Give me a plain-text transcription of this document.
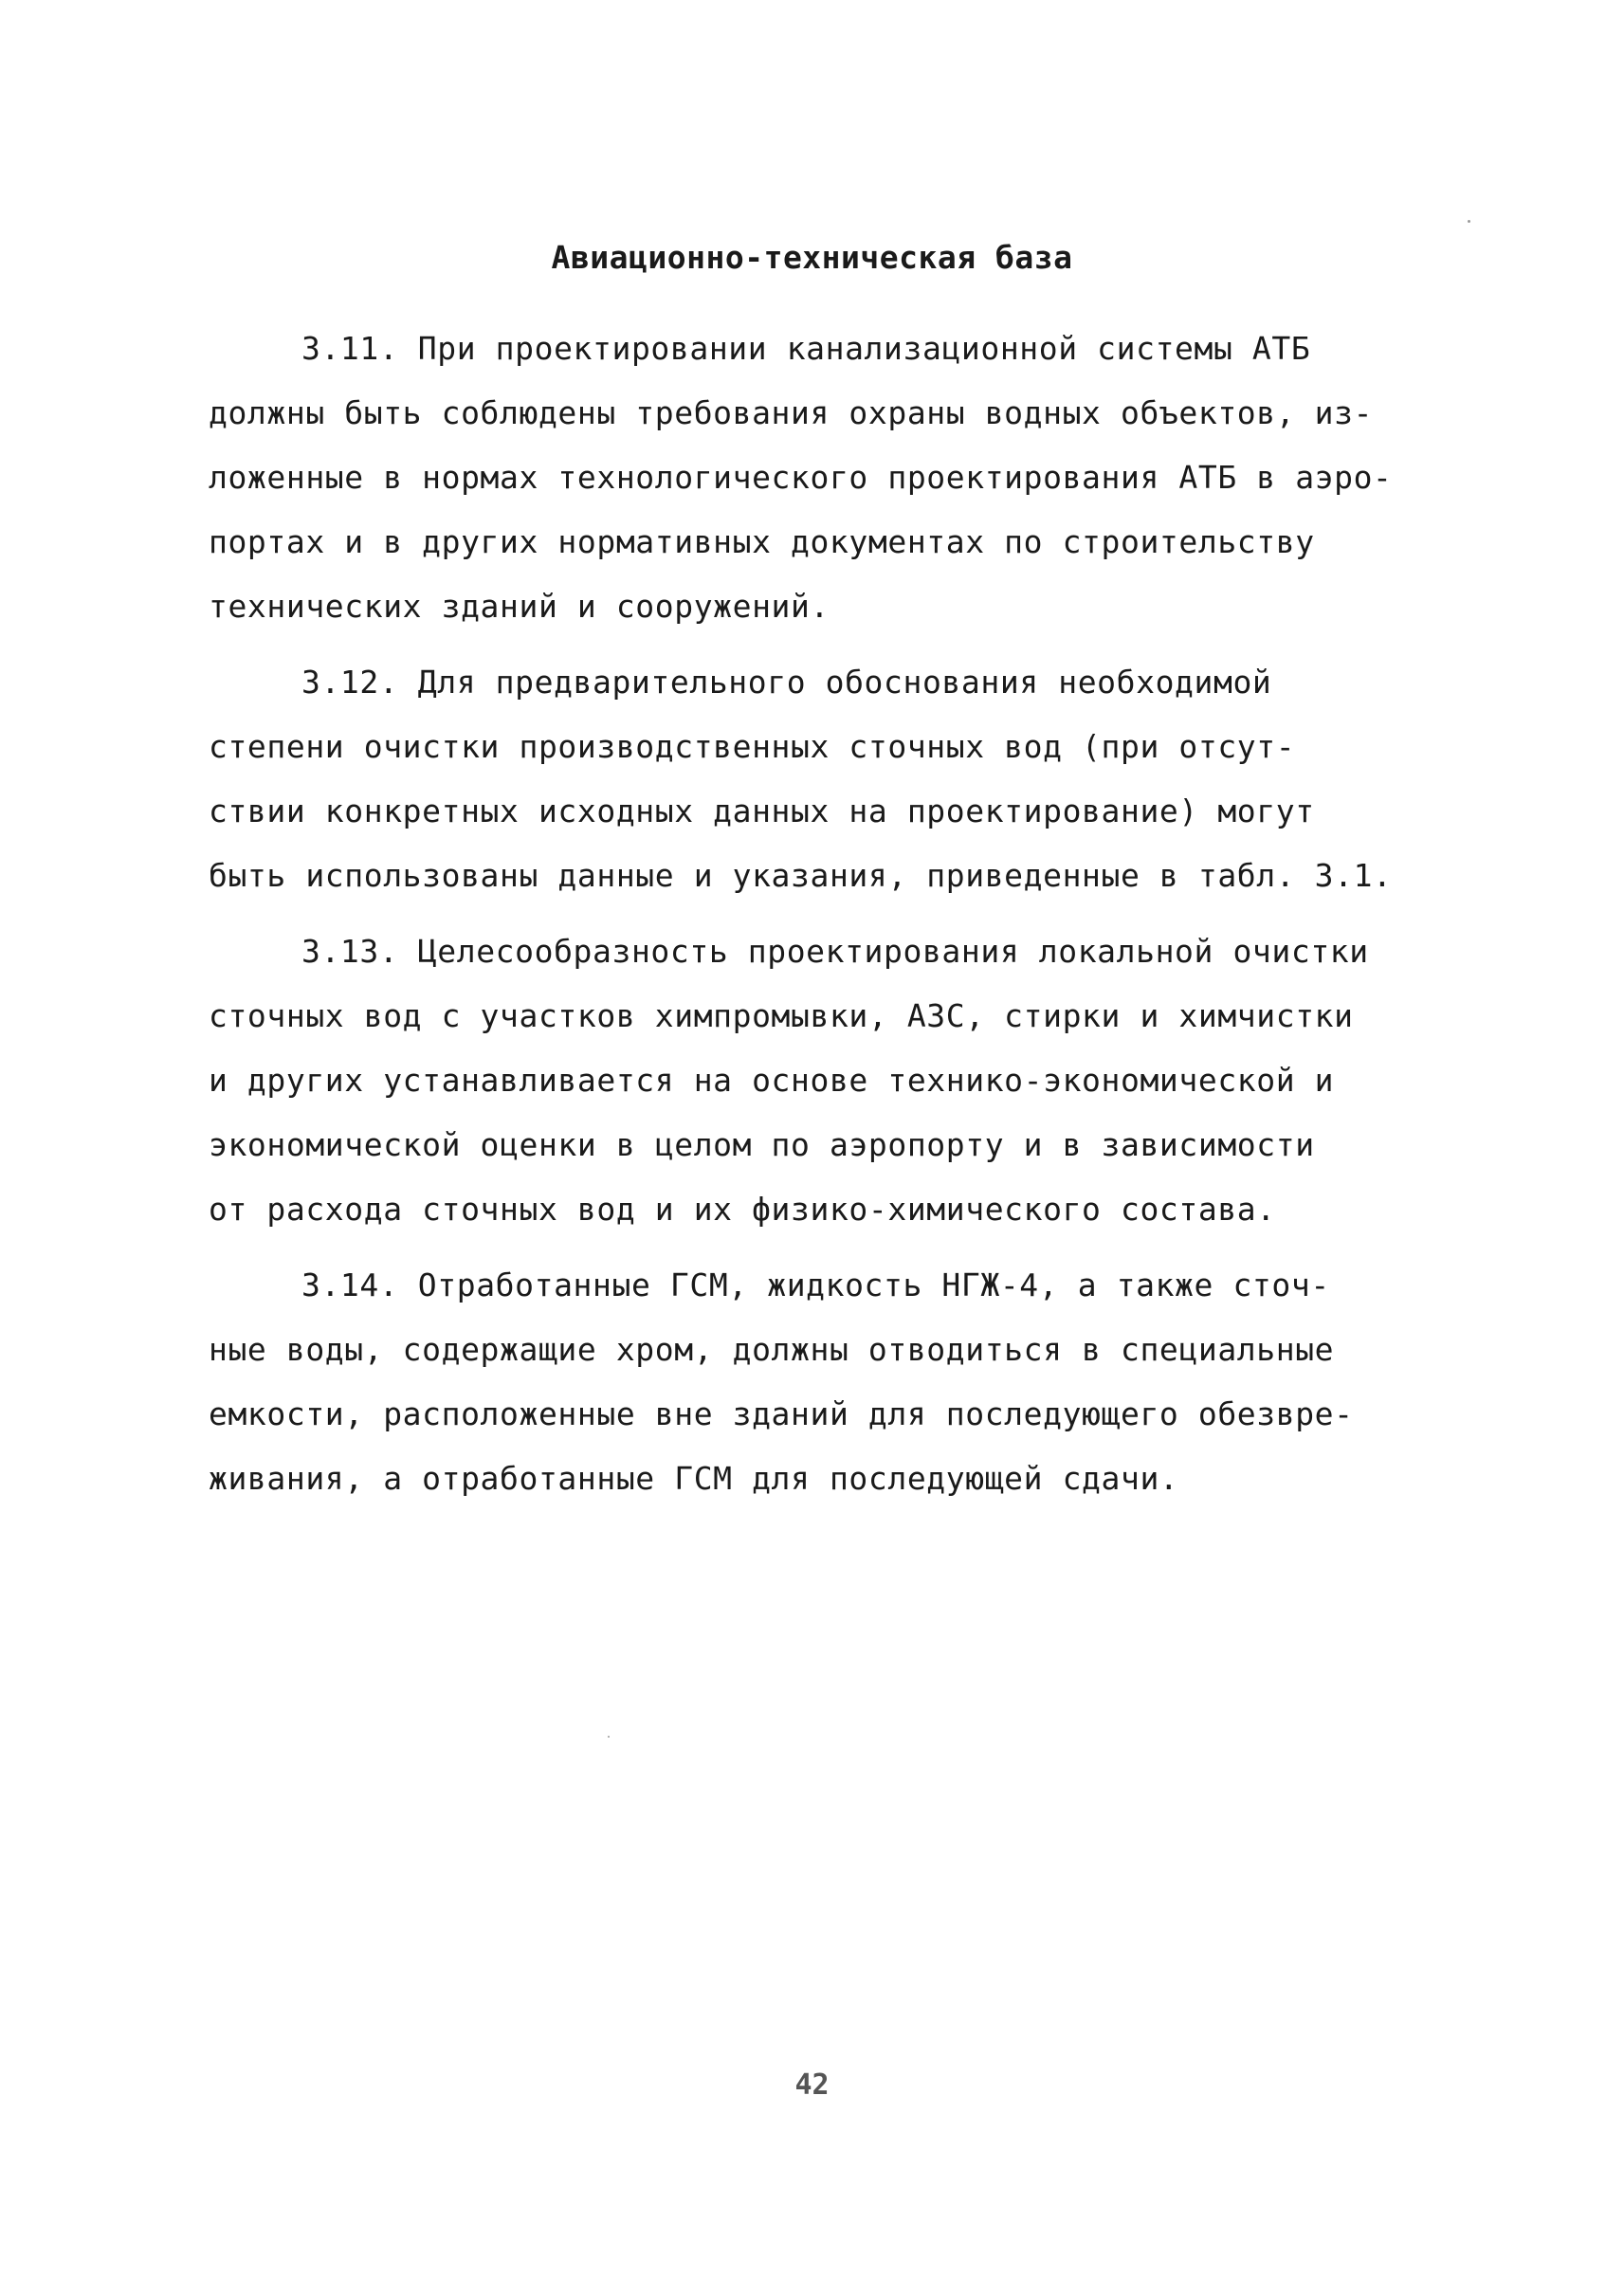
Авиационно-техническая база
3.11. При проектировании канализационной системы АТБ
должны быть соблюдены требования охраны водных объектов, из-
ложенные в нормах технологического проектирования АТБ в аэро-
портах и в других нормативных документах по строительству
технических зданий и сооружений.
3.12. Для предварительного обоснования необходимой
степени очистки производственных сточных вод (при отсут-
ствии конкретных исходных данных на проектирование) могут
быть использованы данные и указания, приведенные в табл. 3.1.
3.13. Целесообразность проектирования локальной очистки
сточных вод с участков химпромывки, АЗС, стирки и химчистки
и других устанавливается на основе технико-экономической и
экономической оценки в целом по аэропорту и в зависимости
от расхода сточных вод и их физико-химического состава.
3.14. Отработанные ГСМ, жидкость НГЖ-4, а также сточ-
ные воды, содержащие хром, должны отводиться в специальные
емкости, расположенные вне зданий для последующего обезвре-
живания, а отработанные ГСМ для последующей сдачи.
42
